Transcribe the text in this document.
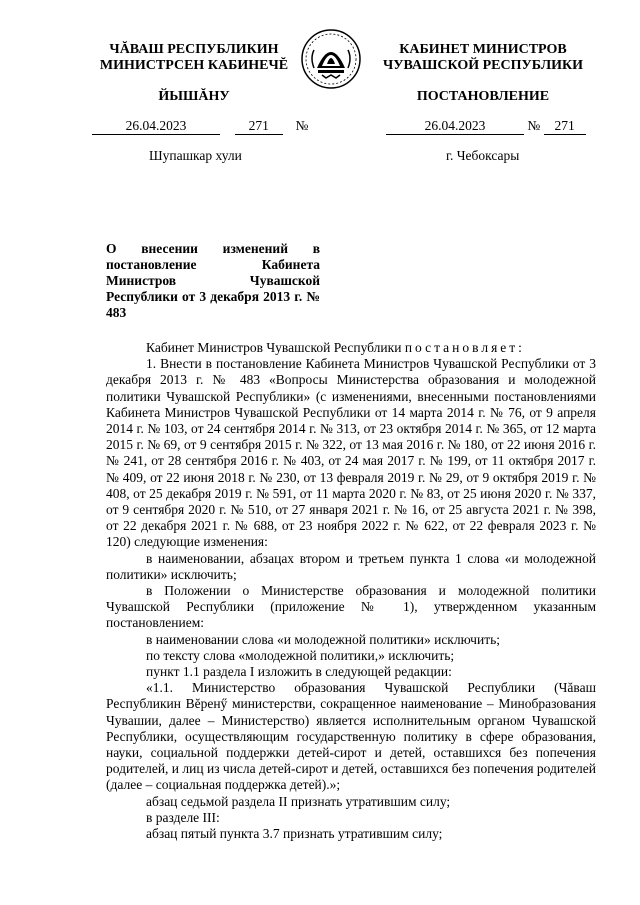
ЧĂВАШ РЕСПУБЛИКИН
МИНИСТРСЕН КАБИНЕЧĔ
ЙЫШĂНУ
КАБИНЕТ МИНИСТРОВ
ЧУВАШСКОЙ РЕСПУБЛИКИ
ПОСТАНОВЛЕНИЕ
26.04.2023	271 №	26.04.2023	№ 271
Шупашкар хули	г. Чебоксары
О внесении изменений в постановление Кабинета Министров Чувашской Республики от 3 декабря 2013 г. № 483

Кабинет Министров Чувашской Республики постановляет:

1. Внести в постановление Кабинета Министров Чувашской Республики от 3 декабря 2013 г. № 483 «Вопросы Министерства образования и молодежной политики Чувашской Республики» (с изменениями, внесенными постановлениями Кабинета Министров Чувашской Республики от 14 марта 2014 г. № 76, от 9 апреля 2014 г. № 103, от 24 сентября 2014 г. № 313, от 23 октября 2014 г. № 365, от 12 марта 2015 г. № 69, от 9 сентября 2015 г. № 322, от 13 мая 2016 г. № 180, от 22 июня 2016 г. № 241, от 28 сентября 2016 г. № 403, от 24 мая 2017 г. № 199, от 11 октября 2017 г. № 409, от 22 июня 2018 г. № 230, от 13 февраля 2019 г. № 29, от 9 октября 2019 г. № 408, от 25 декабря 2019 г. № 591, от 11 марта 2020 г. № 83, от 25 июня 2020 г. № 337, от 9 сентября 2020 г. № 510, от 27 января 2021 г. № 16, от 25 августа 2021 г. № 398, от 22 декабря 2021 г. № 688, от 23 ноября 2022 г. № 622, от 22 февраля 2023 г. № 120) следующие изменения:

в наименовании, абзацах втором и третьем пункта 1 слова «и молодежной политики» исключить;

в Положении о Министерстве образования и молодежной политики Чувашской Республики (приложение № 1), утвержденном указанным постановлением:

в наименовании слова «и молодежной политики» исключить;

по тексту слова «молодежной политики,» исключить;

пункт 1.1 раздела I изложить в следующей редакции:

«1.1. Министерство образования Чувашской Республики (Чăваш Республикин Вĕренӳ министерстви, сокращенное наименование – Минобразования Чувашии, далее – Министерство) является исполнительным органом Чувашской Республики, осуществляющим государственную политику в сфере образования, науки, социальной поддержки детей-сирот и детей, оставшихся без попечения родителей, и лиц из числа детей-сирот и детей, оставшихся без попечения родителей (далее – социальная поддержка детей).»;

абзац седьмой раздела II признать утратившим силу;

в разделе III:

абзац пятый пункта 3.7 признать утратившим силу;
